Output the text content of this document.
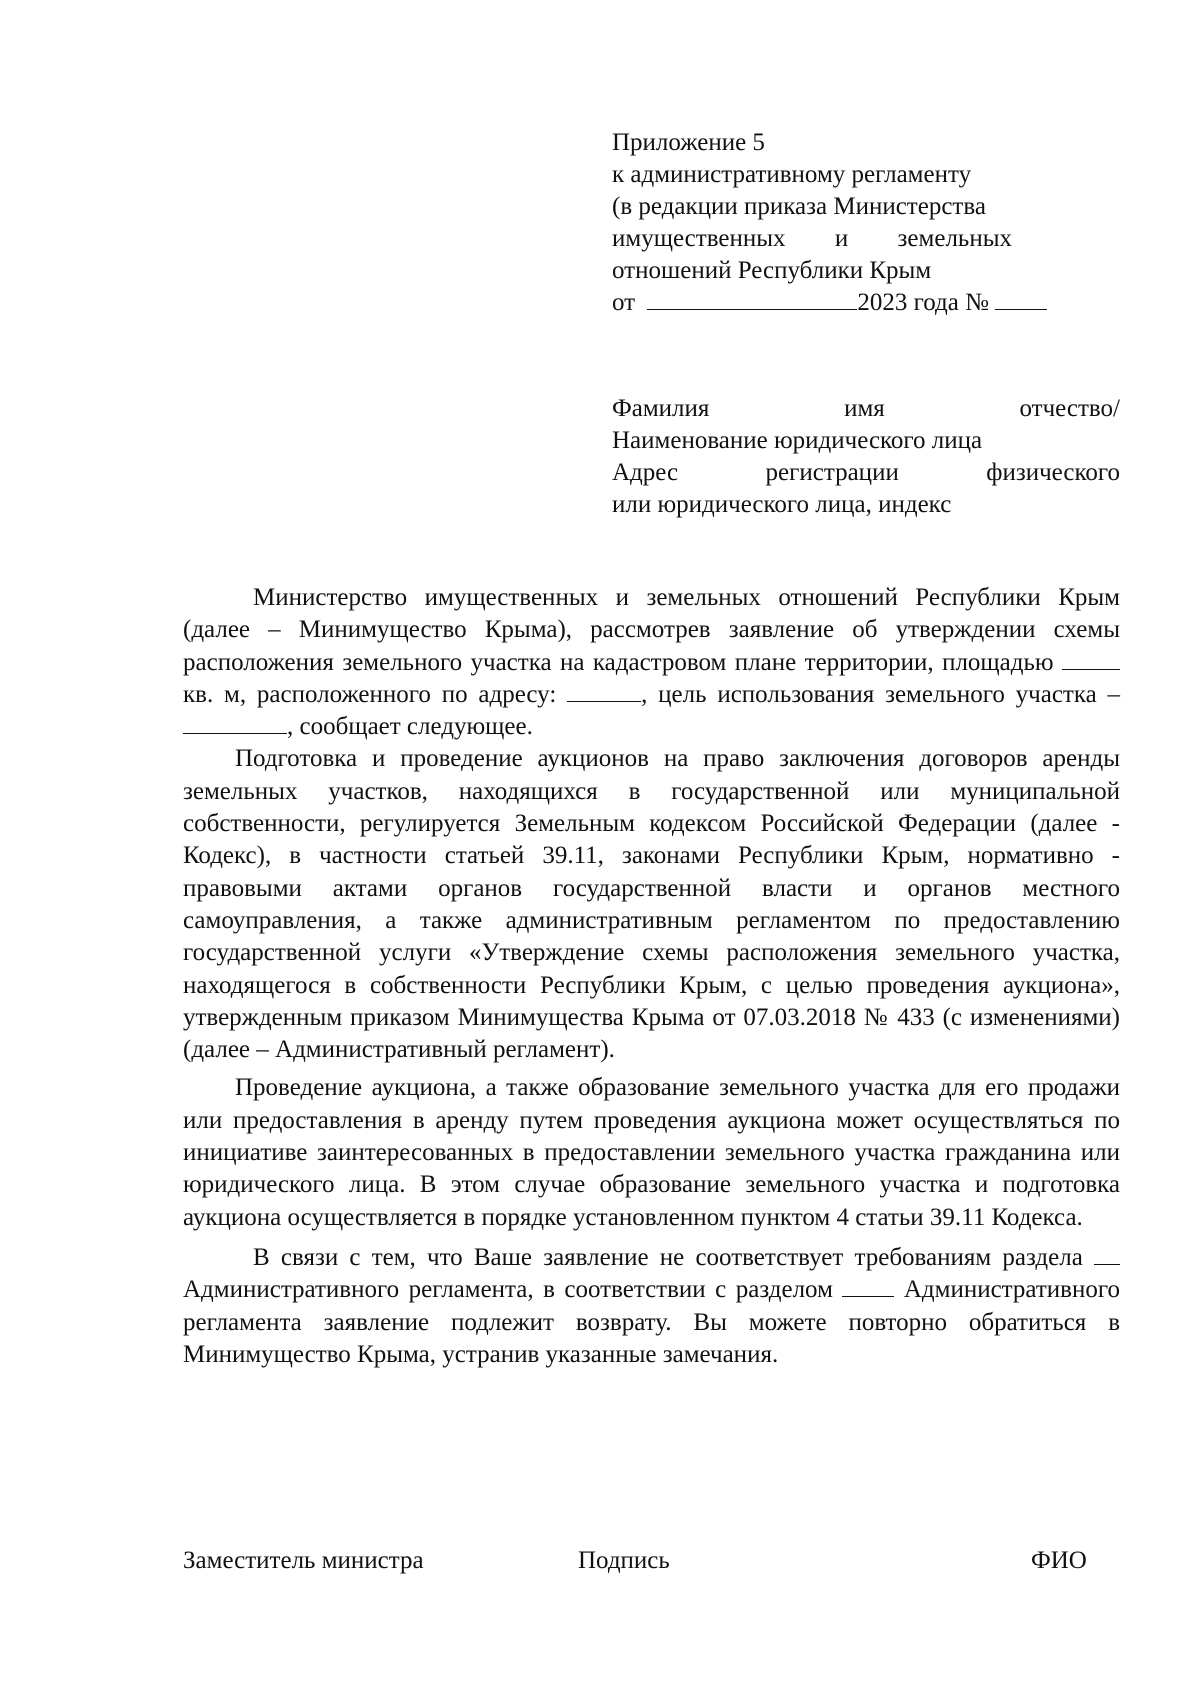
Приложение 5
к административному регламенту
(в редакции приказа Министерства
имущественных и земельных
отношений Республики Крым
от	2023 года №
Фамилия имя отчество/
Наименование юридического лица
Адрес регистрации физического
или юридического лица, индекс

Министерство имущественных и земельных отношений Республики Крым (далее – Минимущество Крыма), рассмотрев заявление об утверждении схемы расположения земельного участка на кадастровом плане территории, площадью  кв. м, расположенного по адресу:	, цель использования земельного участка – , сообщает следующее.

Подготовка и проведение аукционов на право заключения договоров аренды земельных участков, находящихся в государственной или муниципальной собственности, регулируется Земельным кодексом Российской Федерации (далее - Кодекс), в частности статьей 39.11, законами Республики Крым, нормативно - правовыми актами органов государственной власти и органов местного самоуправления, а также административным регламентом по предоставлению государственной услуги «Утверждение схемы расположения земельного участка, находящегося в собственности Республики Крым, с целью проведения аукциона», утвержденным приказом Минимущества Крыма от 07.03.2018 № 433 (с изменениями) (далее – Административный регламент).

Проведение аукциона, а также образование земельного участка для его продажи или предоставления в аренду путем проведения аукциона может осуществляться по инициативе заинтересованных в предоставлении земельного участка гражданина или юридического лица. В этом случае образование земельного участка и подготовка аукциона осуществляется в порядке установленном пунктом 4 статьи 39.11 Кодекса.

В связи с тем, что Ваше заявление не соответствует требованиям раздела  Административного регламента, в соответствии с разделом	Административного регламента заявление подлежит возврату. Вы можете повторно обратиться в Минимущество Крыма, устранив указанные замечания.

Заместитель министра	Подпись	ФИО
